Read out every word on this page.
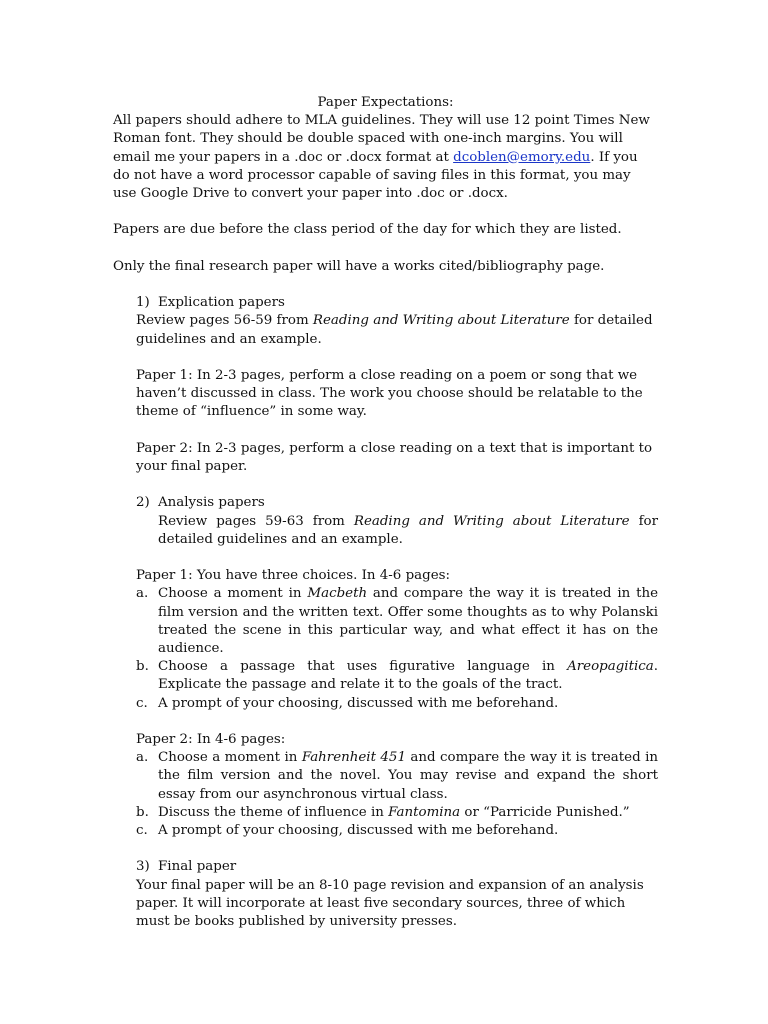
Paper Expectations:

All papers should adhere to MLA guidelines. They will use 12 point Times New Roman font. They should be double spaced with one-inch margins. You will email me your papers in a .doc or .docx format at dcoblen@emory.edu. If you do not have a word processor capable of saving files in this format, you may use Google Drive to convert your paper into .doc or .docx.

Papers are due before the class period of the day for which they are listed.

Only the final research paper will have a works cited/bibliography page.

1) Explication papers

Review pages 56-59 from Reading and Writing about Literature for detailed guidelines and an example.

Paper 1: In 2-3 pages, perform a close reading on a poem or song that we haven’t discussed in class. The work you choose should be relatable to the theme of “influence” in some way.

Paper 2: In 2-3 pages, perform a close reading on a text that is important to your final paper.

2) Analysis papers

Review pages 59-63 from Reading and Writing about Literature for detailed guidelines and an example.

Paper 1: You have three choices. In 4-6 pages:

a. Choose a moment in Macbeth and compare the way it is treated in the film version and the written text. Offer some thoughts as to why Polanski treated the scene in this particular way, and what effect it has on the audience.
b. Choose a passage that uses figurative language in Areopagitica. Explicate the passage and relate it to the goals of the tract.
c. A prompt of your choosing, discussed with me beforehand.

Paper 2: In 4-6 pages:

a. Choose a moment in Fahrenheit 451 and compare the way it is treated in the film version and the novel. You may revise and expand the short essay from our asynchronous virtual class.
b. Discuss the theme of influence in Fantomina or “Parricide Punished.”
c. A prompt of your choosing, discussed with me beforehand.
3) Final paper

Your final paper will be an 8-10 page revision and expansion of an analysis paper. It will incorporate at least five secondary sources, three of which must be books published by university presses.
